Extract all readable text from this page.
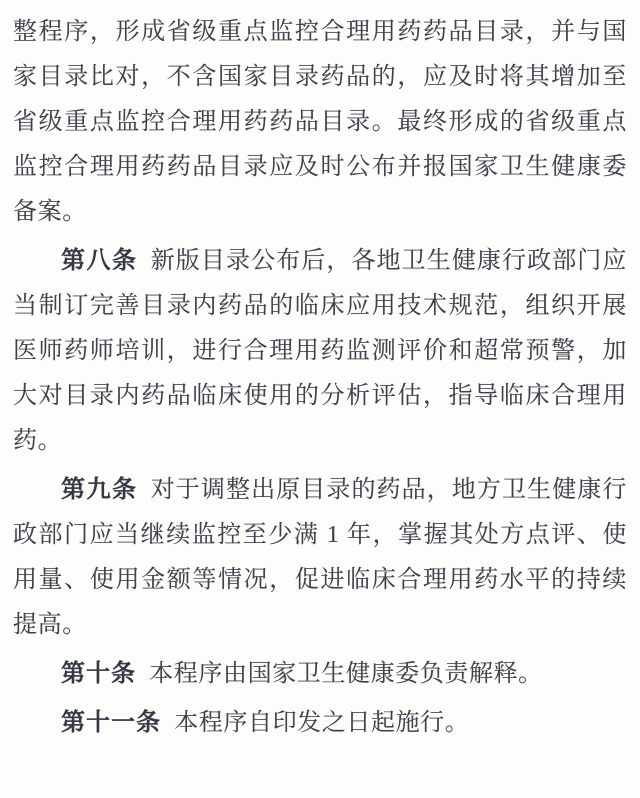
整程序，形成省级重点监控合理用药药品目录，并与国家目录比对，不含国家目录药品的，应及时将其增加至省级重点监控合理用药药品目录。最终形成的省级重点监控合理用药药品目录应及时公布并报国家卫生健康委备案。

第八条 新版目录公布后，各地卫生健康行政部门应当制订完善目录内药品的临床应用技术规范，组织开展医师药师培训，进行合理用药监测评价和超常预警，加大对目录内药品临床使用的分析评估，指导临床合理用药。

第九条 对于调整出原目录的药品，地方卫生健康行政部门应当继续监控至少满 1 年，掌握其处方点评、使用量、使用金额等情况，促进临床合理用药水平的持续提高。

第十条 本程序由国家卫生健康委负责解释。

第十一条 本程序自印发之日起施行。
